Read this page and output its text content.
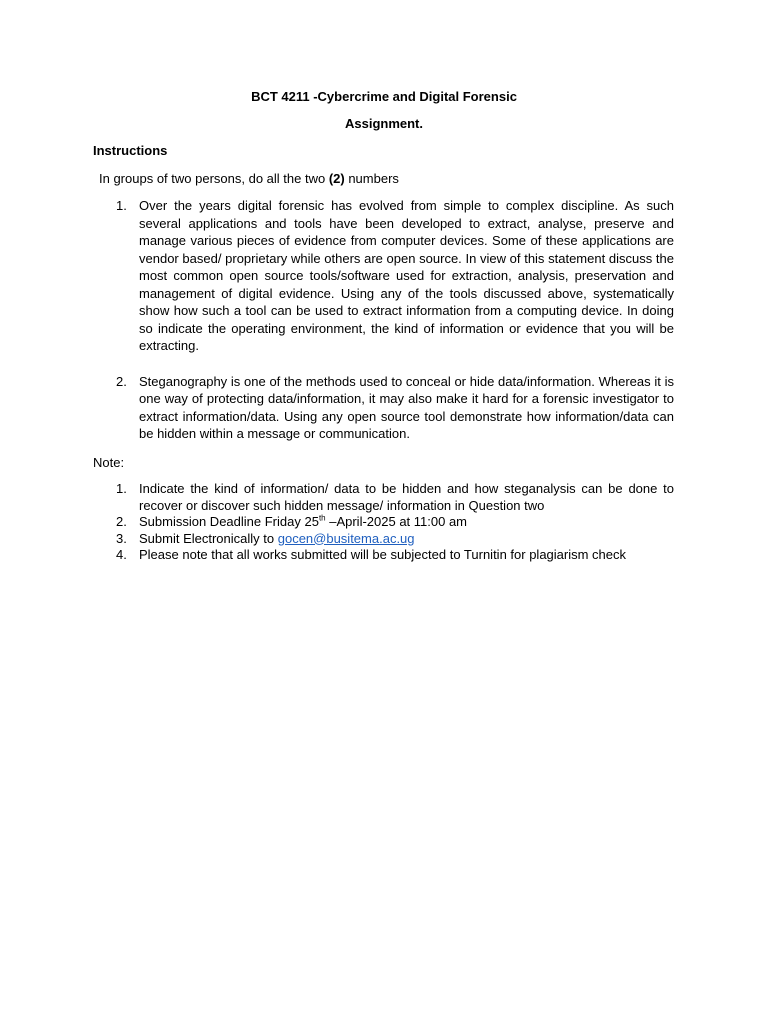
BCT 4211 -Cybercrime and Digital Forensic
Assignment.
Instructions
In groups of two persons, do all the two (2) numbers
1. Over the years digital forensic has evolved from simple to complex discipline. As such several applications and tools have been developed to extract, analyse, preserve and manage various pieces of evidence from computer devices. Some of these applications are vendor based/ proprietary while others are open source. In view of this statement discuss the most common open source tools/software used for extraction, analysis, preservation and management of digital evidence. Using any of the tools discussed above, systematically show how such a tool can be used to extract information from a computing device. In doing so indicate the operating environment, the kind of information or evidence that you will be extracting.
2. Steganography is one of the methods used to conceal or hide data/information. Whereas it is one way of protecting data/information, it may also make it hard for a forensic investigator to extract information/data. Using any open source tool demonstrate how information/data can be hidden within a message or communication.
Note:
1. Indicate the kind of information/ data to be hidden and how steganalysis can be done to recover or discover such hidden message/ information in Question two
2. Submission Deadline Friday 25th –April-2025 at 11:00 am
3. Submit Electronically to gocen@busitema.ac.ug
4. Please note that all works submitted will be subjected to Turnitin for plagiarism check
